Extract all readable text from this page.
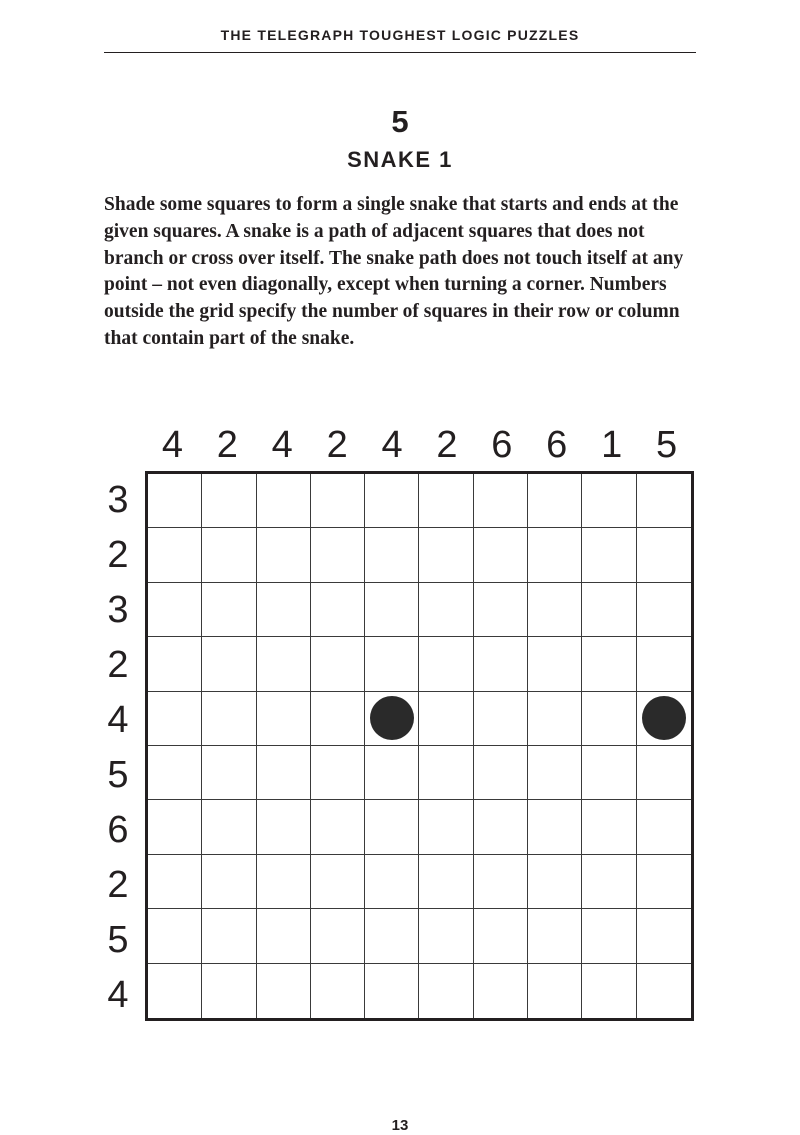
THE TELEGRAPH TOUGHEST LOGIC PUZZLES
5
SNAKE 1

Shade some squares to form a single snake that starts and ends at the given squares. A snake is a path of adjacent squares that does not branch or cross over itself. The snake path does not touch itself at any point – not even diagonally, except when turning a corner. Numbers outside the grid specify the number of squares in their row or column that contain part of the snake.

4 2 4 2 4 2 6 6 1 5
3
2
3
2
4
5
6
2
5
4
13
